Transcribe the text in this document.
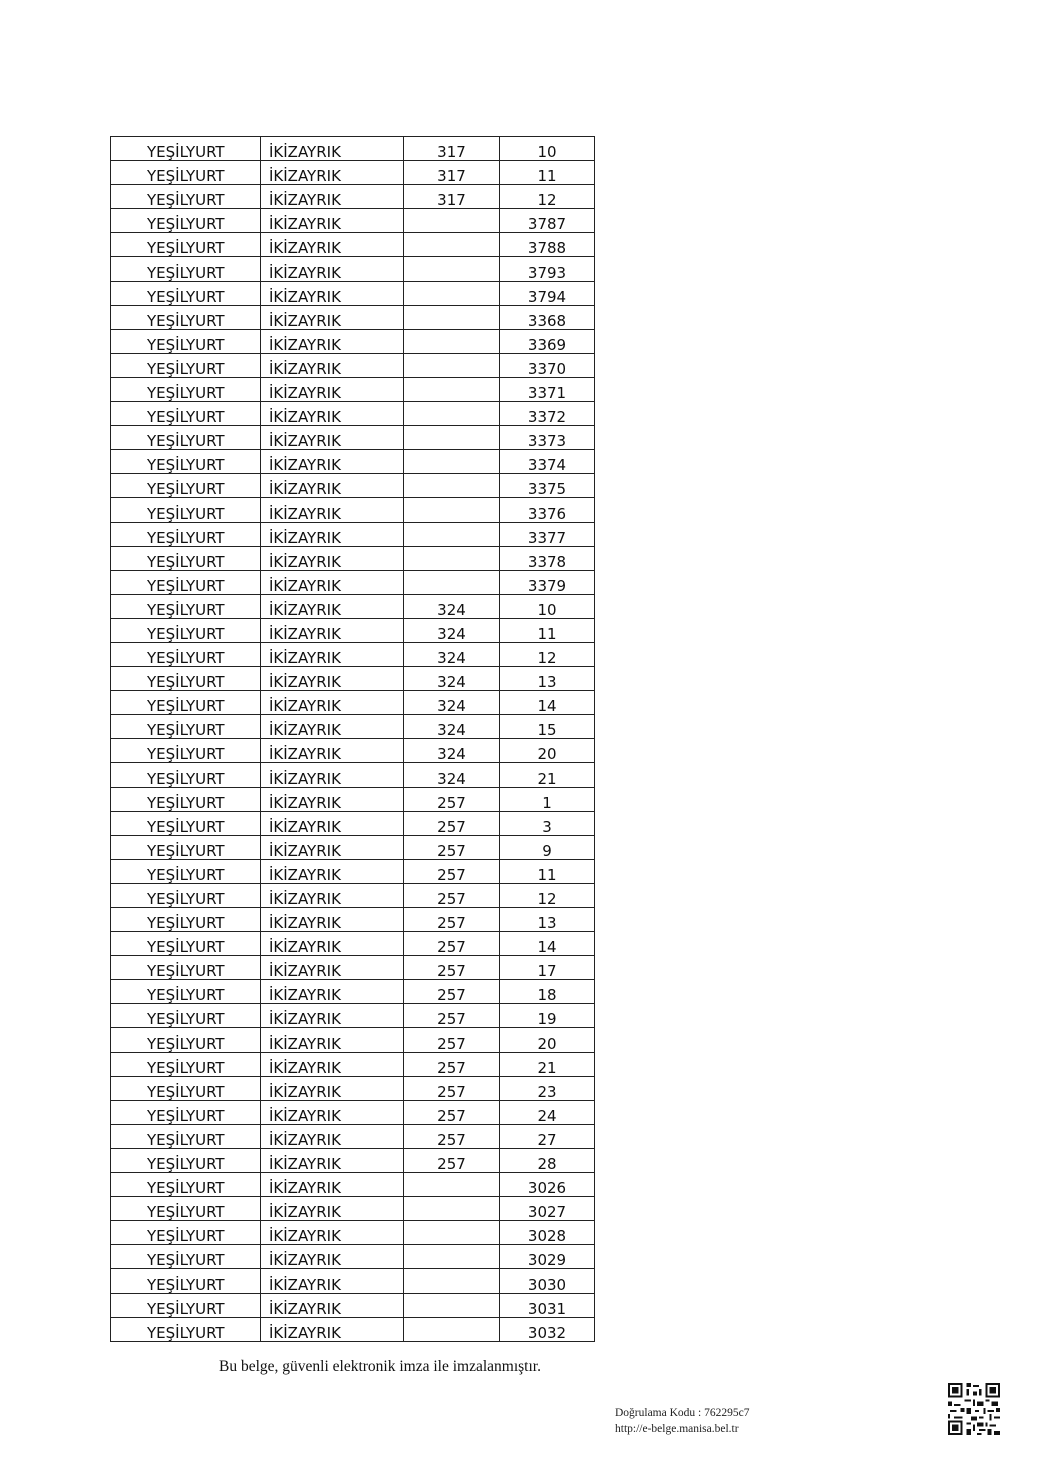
YEŞİLYURT	İKİZAYRIK	317	10
YEŞİLYURT	İKİZAYRIK	317	11
YEŞİLYURT	İKİZAYRIK	317	12
YEŞİLYURT	İKİZAYRIK		3787
YEŞİLYURT	İKİZAYRIK		3788
YEŞİLYURT	İKİZAYRIK		3793
YEŞİLYURT	İKİZAYRIK		3794
YEŞİLYURT	İKİZAYRIK		3368
YEŞİLYURT	İKİZAYRIK		3369
YEŞİLYURT	İKİZAYRIK		3370
YEŞİLYURT	İKİZAYRIK		3371
YEŞİLYURT	İKİZAYRIK		3372
YEŞİLYURT	İKİZAYRIK		3373
YEŞİLYURT	İKİZAYRIK		3374
YEŞİLYURT	İKİZAYRIK		3375
YEŞİLYURT	İKİZAYRIK		3376
YEŞİLYURT	İKİZAYRIK		3377
YEŞİLYURT	İKİZAYRIK		3378
YEŞİLYURT	İKİZAYRIK		3379
YEŞİLYURT	İKİZAYRIK	324	10
YEŞİLYURT	İKİZAYRIK	324	11
YEŞİLYURT	İKİZAYRIK	324	12
YEŞİLYURT	İKİZAYRIK	324	13
YEŞİLYURT	İKİZAYRIK	324	14
YEŞİLYURT	İKİZAYRIK	324	15
YEŞİLYURT	İKİZAYRIK	324	20
YEŞİLYURT	İKİZAYRIK	324	21
YEŞİLYURT	İKİZAYRIK	257	1
YEŞİLYURT	İKİZAYRIK	257	3
YEŞİLYURT	İKİZAYRIK	257	9
YEŞİLYURT	İKİZAYRIK	257	11
YEŞİLYURT	İKİZAYRIK	257	12
YEŞİLYURT	İKİZAYRIK	257	13
YEŞİLYURT	İKİZAYRIK	257	14
YEŞİLYURT	İKİZAYRIK	257	17
YEŞİLYURT	İKİZAYRIK	257	18
YEŞİLYURT	İKİZAYRIK	257	19
YEŞİLYURT	İKİZAYRIK	257	20
YEŞİLYURT	İKİZAYRIK	257	21
YEŞİLYURT	İKİZAYRIK	257	23
YEŞİLYURT	İKİZAYRIK	257	24
YEŞİLYURT	İKİZAYRIK	257	27
YEŞİLYURT	İKİZAYRIK	257	28
YEŞİLYURT	İKİZAYRIK		3026
YEŞİLYURT	İKİZAYRIK		3027
YEŞİLYURT	İKİZAYRIK		3028
YEŞİLYURT	İKİZAYRIK		3029
YEŞİLYURT	İKİZAYRIK		3030
YEŞİLYURT	İKİZAYRIK		3031
YEŞİLYURT	İKİZAYRIK		3032
Bu belge, güvenli elektronik imza ile imzalanmıştır.
Doğrulama Kodu : 762295c7
http://e-belge.manisa.bel.tr
